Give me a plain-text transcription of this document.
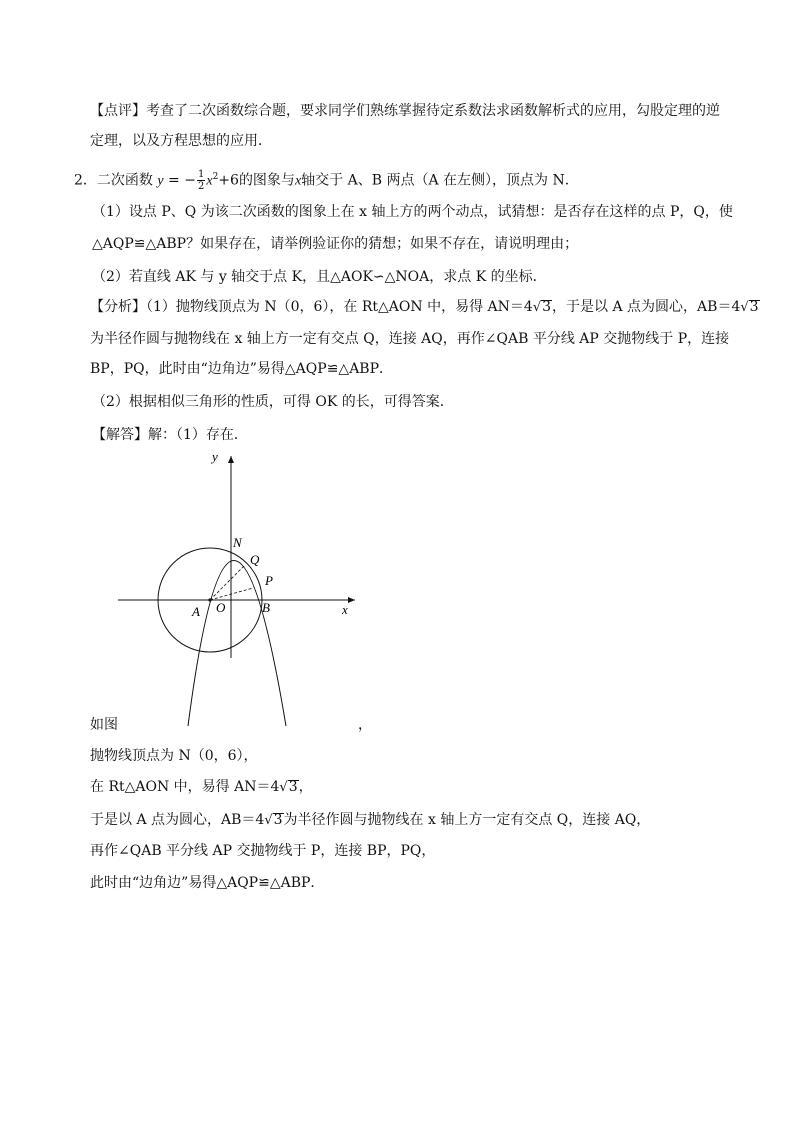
【点评】考查了二次函数综合题，要求同学们熟练掌握待定系数法求函数解析式的应用，勾股定理的逆
定理，以及方程思想的应用．
2．二次函数 y = − $\frac{1}{2} x^2+6$的图象与x轴交于 A、B 两点（A 在左侧），顶点为 N．
（1）设点 P、Q 为该二次函数的图象上在 x 轴上方的两个动点，试猜想：是否存在这样的点 P，Q，使
△AQP≌△ABP？如果存在，请举例验证你的猜想；如果不存在，请说明理由；
（2）若直线 AK 与 y 轴交于点 K，且△AOK∽△NOA，求点 K 的坐标．
【分析】（1）抛物线顶点为 N（0，6），在 Rt△AON 中，易得 AN＝4√3，于是以 A 点为圆心，AB＝4√3
为半径作圆与抛物线在 x 轴上方一定有交点 Q，连接 AQ，再作∠QAB 平分线 AP 交抛物线于 P，连接
BP，PQ，此时由“边角边”易得△AQP≌△ABP．
（2）根据相似三角形的性质，可得 OK 的长，可得答案．
【解答】解：（1）存在．
y
x
N
Q
P
A O	B
如图	，
抛物线顶点为 N（0，6），
在 Rt△AON 中，易得 AN＝4√3，
于是以 A 点为圆心，AB＝4√3为半径作圆与抛物线在 x 轴上方一定有交点 Q，连接 AQ，
再作∠QAB 平分线 AP 交抛物线于 P，连接 BP，PQ，
此时由“边角边”易得△AQP≌△ABP．
